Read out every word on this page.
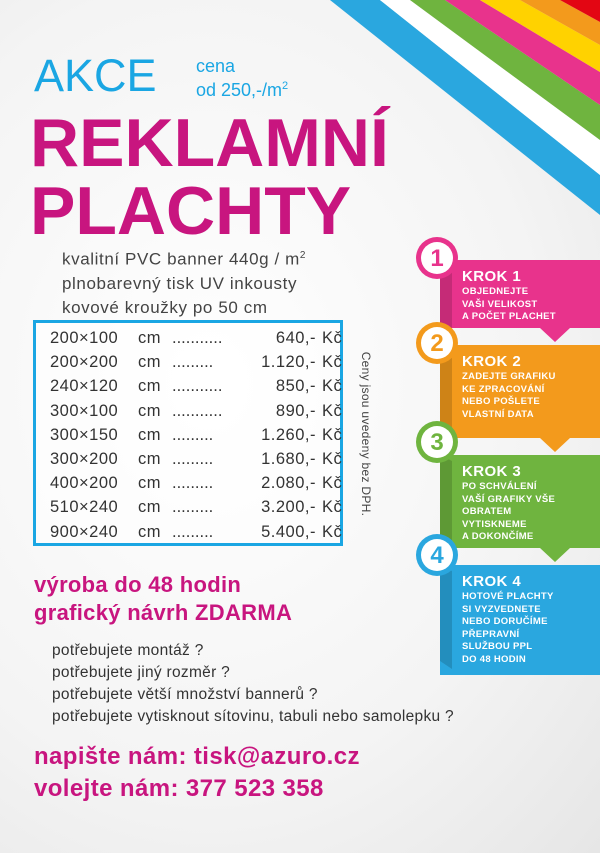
AKCE cena
od $250,-/m^2$
REKLAMNÍ
PLACHTY
kvalitní PVC banner $440g / m^2$
plnobarevný tisk UV inkousty
kovové kroužky po 50 cm
200×100 cm ...........	640,- Kč
200×200 cm .........	1.120,- Kč
240×120 cm ...........	850,- Kč
300×100 cm ...........	890,- Kč
300×150 cm .........	1.260,- Kč
300×200 cm .........	1.680,- Kč
400×200 cm .........	2.080,- Kč
510×240 cm .........	3.200,- Kč
900×240 cm .........	5.400,- Kč
Ceny jsou uvedeny bez DPH.
výroba do 48 hodin
grafický návrh ZDARMA
potřebujete montáž ?
potřebujete jiný rozměr ?
potřebujete větší množství bannerů ?
potřebujete vytisknout sítovinu, tabuli nebo samolepku ?
napište nám: tisk@azuro.cz
volejte nám: 377 523 358
1
2
3
4
KROK 1
OBJEDNEJTE
VAŠI VELIKOST
A POČET PLACHET
KROK 2
ZADEJTE GRAFIKU
KE ZPRACOVÁNÍ
NEBO POŠLETE
VLASTNÍ DATA
KROK 3
PO SCHVÁLENÍ
VAŠÍ GRAFIKY VŠE
OBRATEM
VYTISKNEME
A DOKONČÍME
KROK 4
HOTOVÉ PLACHTY
SI VYZVEDNETE
NEBO DORUČÍME
PŘEPRAVNÍ
SLUŽBOU PPL
DO 48 HODIN
